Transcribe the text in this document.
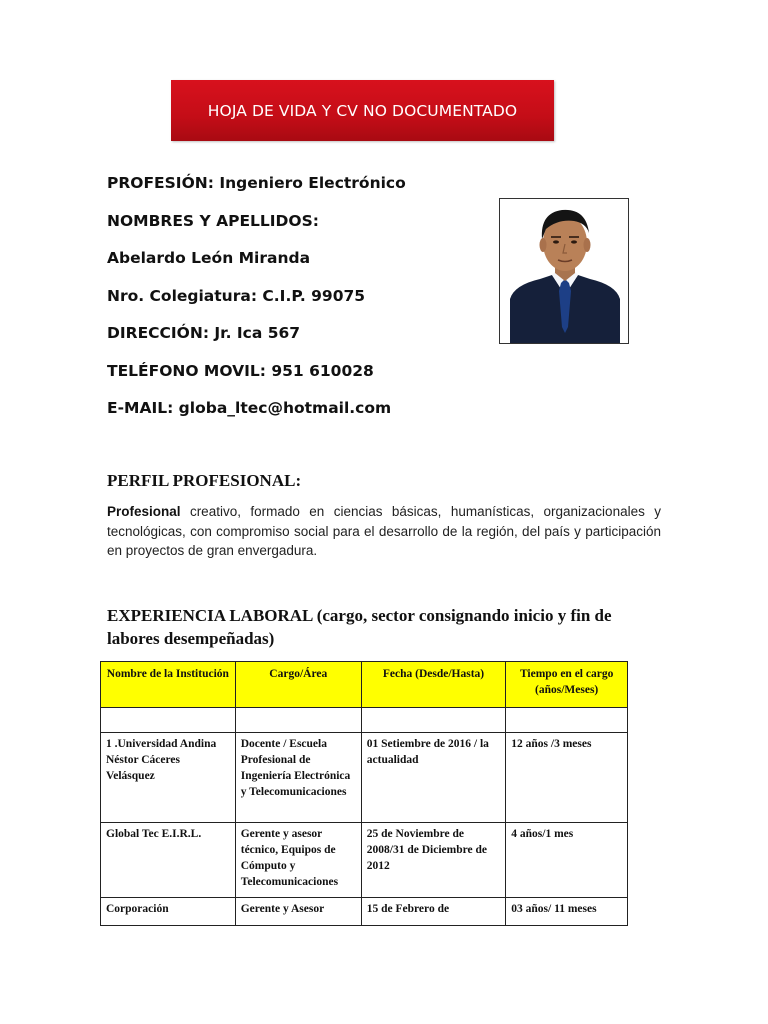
HOJA DE VIDA Y CV NO DOCUMENTADO
PROFESIÓN: Ingeniero Electrónico
NOMBRES Y APELLIDOS:
Abelardo León Miranda
Nro. Colegiatura: C.I.P. 99075
DIRECCIÓN: Jr. Ica 567
TELÉFONO MOVIL: 951 610028
E-MAIL: globa_ltec@hotmail.com
PERFIL PROFESIONAL:
Profesional creativo, formado en ciencias básicas, humanísticas, organizacionales y tecnológicas, con compromiso social para el desarrollo de la región, del país y participación en proyectos de gran envergadura.
EXPERIENCIA LABORAL (cargo, sector consignando inicio y fin de labores desempeñadas)
Nombre de la Institución	Cargo/Área	Fecha (Desde/Hasta)	Tiempo en el cargo (años/Meses)

1 .Universidad Andina Néstor Cáceres Velásquez	Docente / Escuela Profesional de Ingeniería Electrónica y Telecomunicaciones	01 Setiembre de 2016 / la actualidad	12 años /3 meses
Global Tec E.I.R.L.	Gerente y asesor técnico, Equipos de Cómputo y Telecomunicaciones	25 de Noviembre de 2008/31 de Diciembre de 2012	4 años/1 mes
Corporación	Gerente y Asesor	15 de Febrero de	03 años/ 11 meses
